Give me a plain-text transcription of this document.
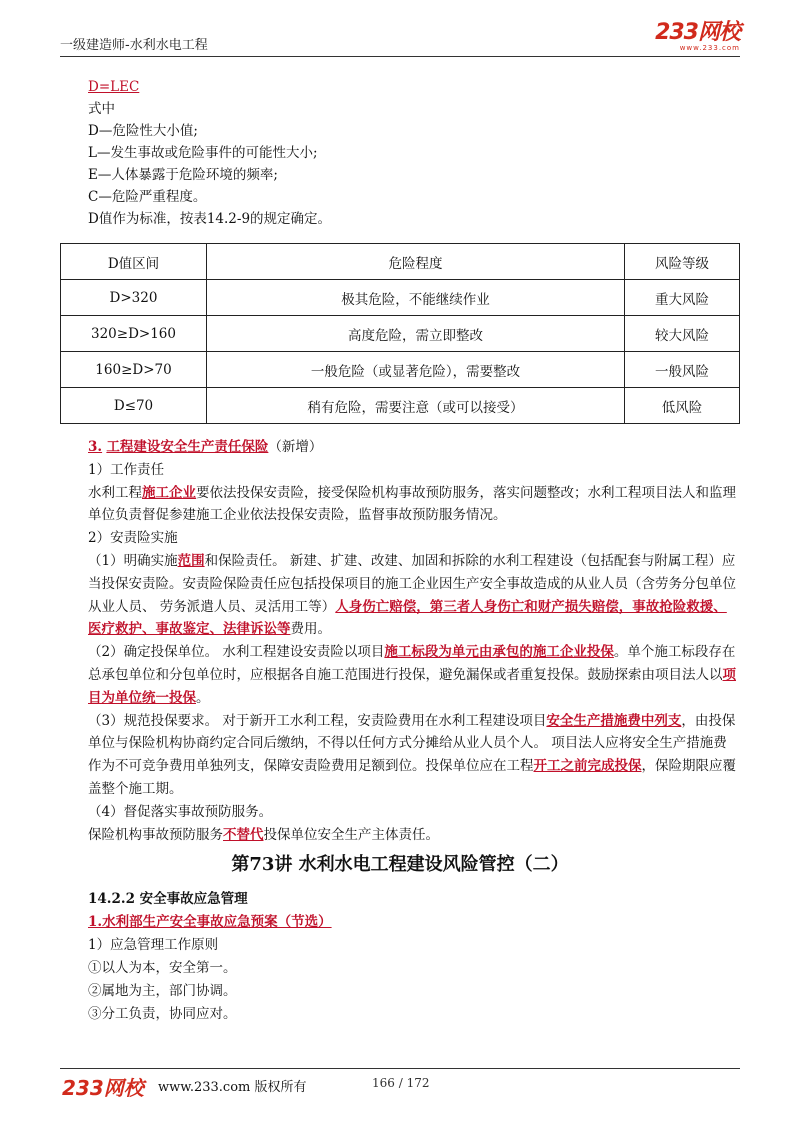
一级建造师-水利水电工程
233网校
www.233.com
D=LEC
式中
D—危险性大小值;
L—发生事故或危险事件的可能性大小;
E—人体暴露于危险环境的频率;
C—危险严重程度。
D值作为标准，按表14.2-9的规定确定。
D值区间	危险程度	风险等级
D>320	极其危险，不能继续作业	重大风险
320≥D>160	高度危险，需立即整改	较大风险
160≥D>70	一般危险（或显著危险），需要整改	一般风险
D≤70	稍有危险，需要注意（或可以接受）	低风险

3. 工程建设安全生产责任保险（新增）

1）工作责任

水利工程施工企业要依法投保安责险，接受保险机构事故预防服务，落实问题整改；水利工程项目法人和监理单位负责督促参建施工企业依法投保安责险，监督事故预防服务情况。

2）安责险实施

（1）明确实施范围和保险责任。 新建、扩建、改建、加固和拆除的水利工程建设（包括配套与附属工程）应当投保安责险。安责险保险责任应包括投保项目的施工企业因生产安全事故造成的从业人员（含劳务分包单位从业人员、 劳务派遣人员、灵活用工等）人身伤亡赔偿，第三者人身伤亡和财产损失赔偿，事故抢险救援、医疗救护、事故鉴定、法律诉讼等费用。

（2）确定投保单位。 水利工程建设安责险以项目施工标段为单元由承包的施工企业投保。单个施工标段存在总承包单位和分包单位时，应根据各自施工范围进行投保，避免漏保或者重复投保。鼓励探索由项目法人以项目为单位统一投保。

（3）规范投保要求。 对于新开工水利工程，安责险费用在水利工程建设项目安全生产措施费中列支，由投保单位与保险机构协商约定合同后缴纳，不得以任何方式分摊给从业人员个人。 项目法人应将安全生产措施费作为不可竞争费用单独列支，保障安责险费用足额到位。投保单位应在工程开工之前完成投保，保险期限应覆盖整个施工期。

（4）督促落实事故预防服务。

保险机构事故预防服务不替代投保单位安全生产主体责任。

第73讲 水利水电工程建设风险管控（二）

14.2.2 安全事故应急管理

1.水利部生产安全事故应急预案（节选）

1）应急管理工作原则

①以人为本，安全第一。

②属地为主，部门协调。

③分工负责，协同应对。

233网校 www.233.com 版权所有	166 / 172
